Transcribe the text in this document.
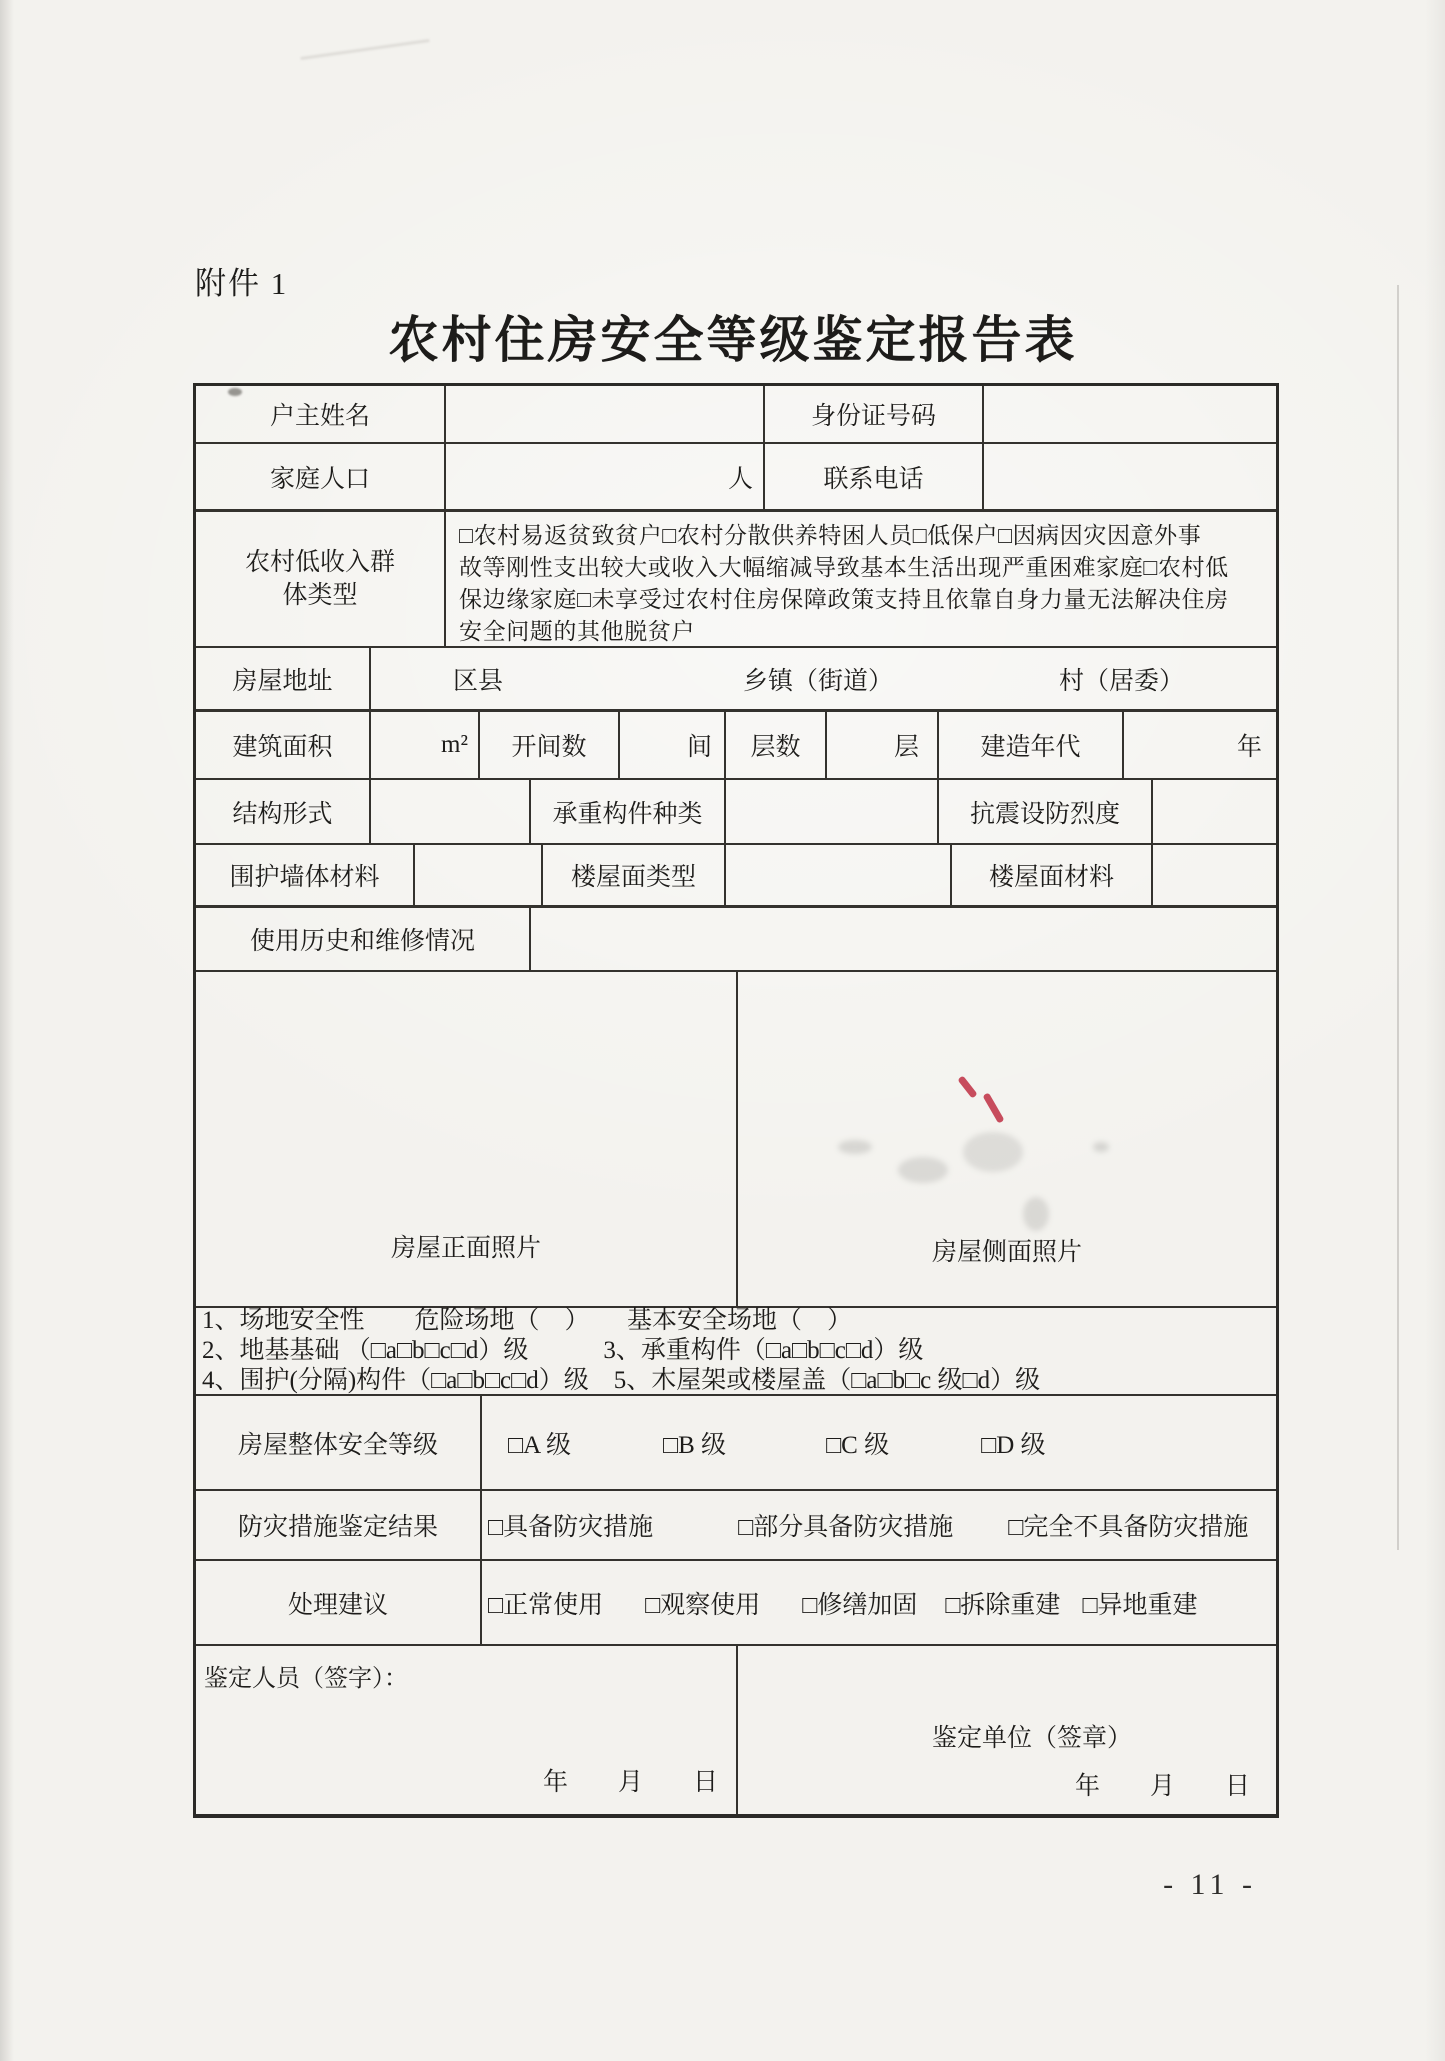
附件 1
农村住房安全等级鉴定报告表
户主姓名	身份证号码
家庭人口	人	联系电话
农村低收入群体类型
□农村易返贫致贫户□农村分散供养特困人员□低保户□因病因灾因意外事
故等刚性支出较大或收入大幅缩减导致基本生活出现严重困难家庭□农村低
保边缘家庭□未享受过农村住房保障政策支持且依靠自身力量无法解决住房
安全问题的其他脱贫户
房屋地址	区县	乡镇（街道）	村（居委）
建筑面积	m²	开间数	间	层数	层	建造年代	年
结构形式	承重构件种类	抗震设防烈度
围护墙体材料	楼屋面类型	楼屋面材料
使用历史和维修情况
房屋正面照片	房屋侧面照片
1、场地安全性　　危险场地（　）　　基本安全场地（　）
2、地基基础 （□a□b□c□d）级　　　3、承重构件（□a□b□c□d）级
4、围护(分隔)构件（□a□b□c□d）级　5、木屋架或楼屋盖（□a□b□c 级□d）级
房屋整体安全等级	□A 级	□B 级	□C 级	□D 级
防灾措施鉴定结果	□具备防灾措施	□部分具备防灾措施 □完全不具备防灾措施
处理建议	□正常使用 □观察使用 □修缮加固 □拆除重建 □异地重建
鉴定人员（签字）：
年　　月　　日
鉴定单位（签章）
年　　月　　日
- 11 -
